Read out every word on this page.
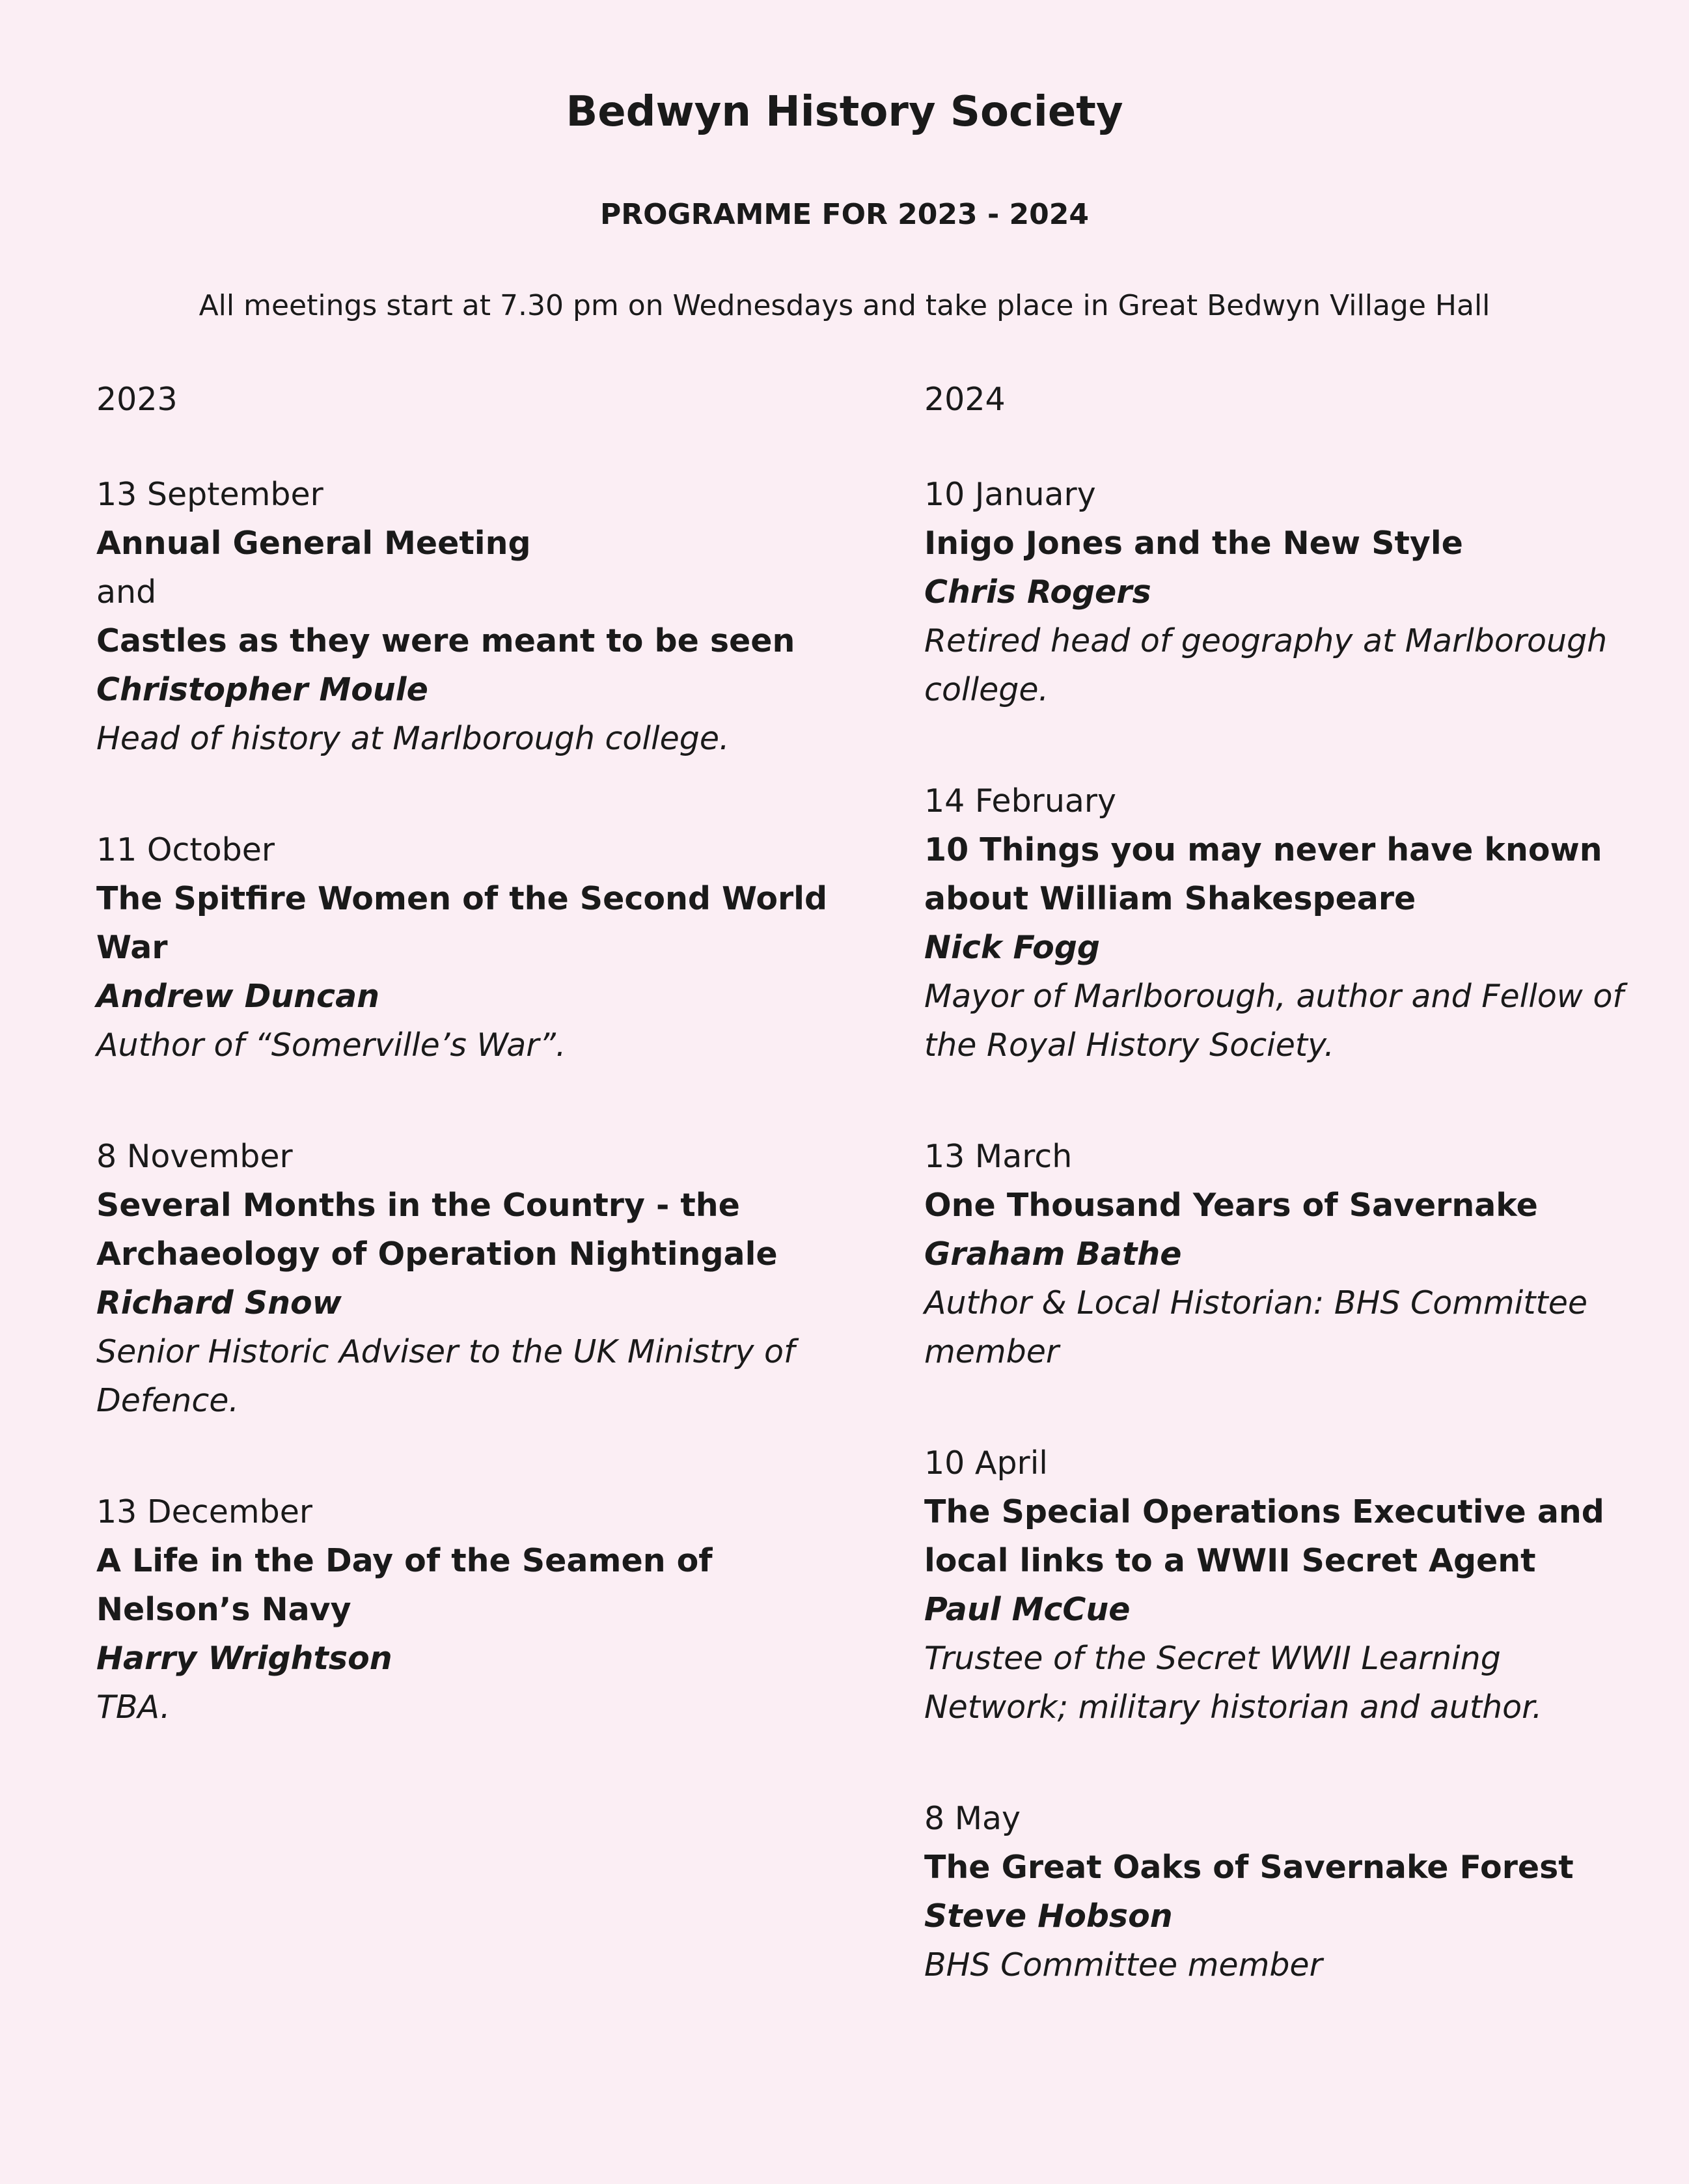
Bedwyn History Society
PROGRAMME FOR 2023 - 2024

All meetings start at 7.30 pm on Wednesdays and take place in Great Bedwyn Village Hall

2023
13 September
Annual General Meeting
and
Castles as they were meant to be seen
Christopher Moule
Head of history at Marlborough college.
11 October
The Spitfire Women of the Second World War
Andrew Duncan
Author of “Somerville’s War”.
8 November
Several Months in the Country - the Archaeology of Operation Nightingale
Richard Snow
Senior Historic Adviser to the UK Ministry of Defence.
13 December
A Life in the Day of the Seamen of Nelson’s Navy
Harry Wrightson
TBA.
2024
10 January
Inigo Jones and the New Style
Chris Rogers
Retired head of geography at Marlborough college.
14 February
10 Things you may never have known about William Shakespeare
Nick Fogg
Mayor of Marlborough, author and Fellow of the Royal History Society.
13 March
One Thousand Years of Savernake
Graham Bathe
Author & Local Historian: BHS Committee member
10 April
The Special Operations Executive and local links to a WWII Secret Agent
Paul McCue
Trustee of the Secret WWII Learning Network; military historian and author.
8 May
The Great Oaks of Savernake Forest
Steve Hobson
BHS Committee member
